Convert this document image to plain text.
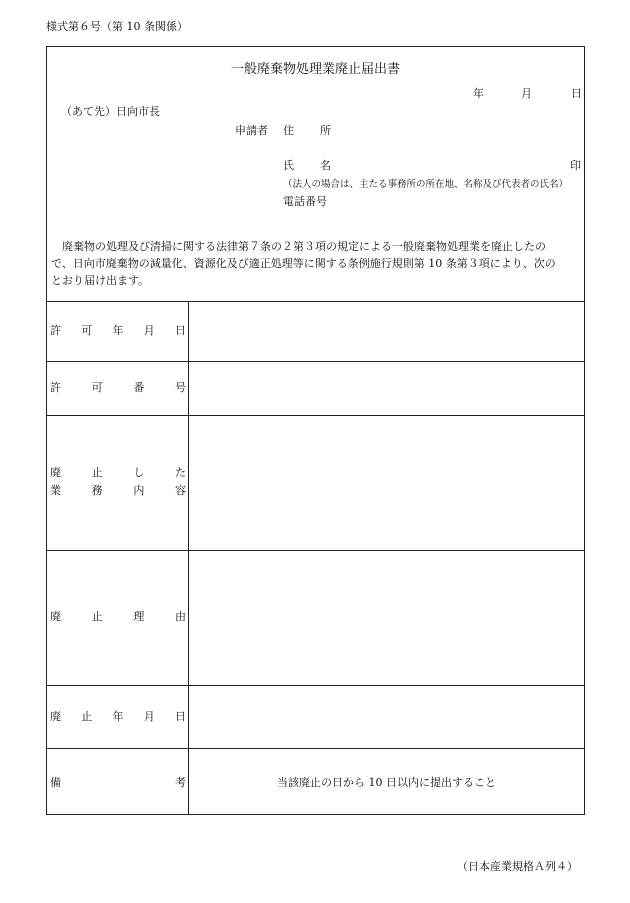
様式第６号（第 10 条関係）
一般廃棄物処理業廃止届出書
年	月	日
（あて先）日向市長
申請者 住 所
氏 名	印
（法人の場合は、主たる事務所の所在地、名称及び代表者の氏名）
電話番号
　廃棄物の処理及び清掃に関する法律第７条の２第３項の規定による一般廃棄物処理業を廃止したの
で、日向市廃棄物の減量化、資源化及び適正処理等に関する条例施行規則第 10 条第３項により、次の
とおり届け出ます。
許 可 年 月 日
許	可	番	号
廃	止	し	た
業	務	内	容
廃	止	理	由
廃 止 年 月 日
備	考	当該廃止の日から 10 日以内に提出すること
（日本産業規格Ａ列４）
